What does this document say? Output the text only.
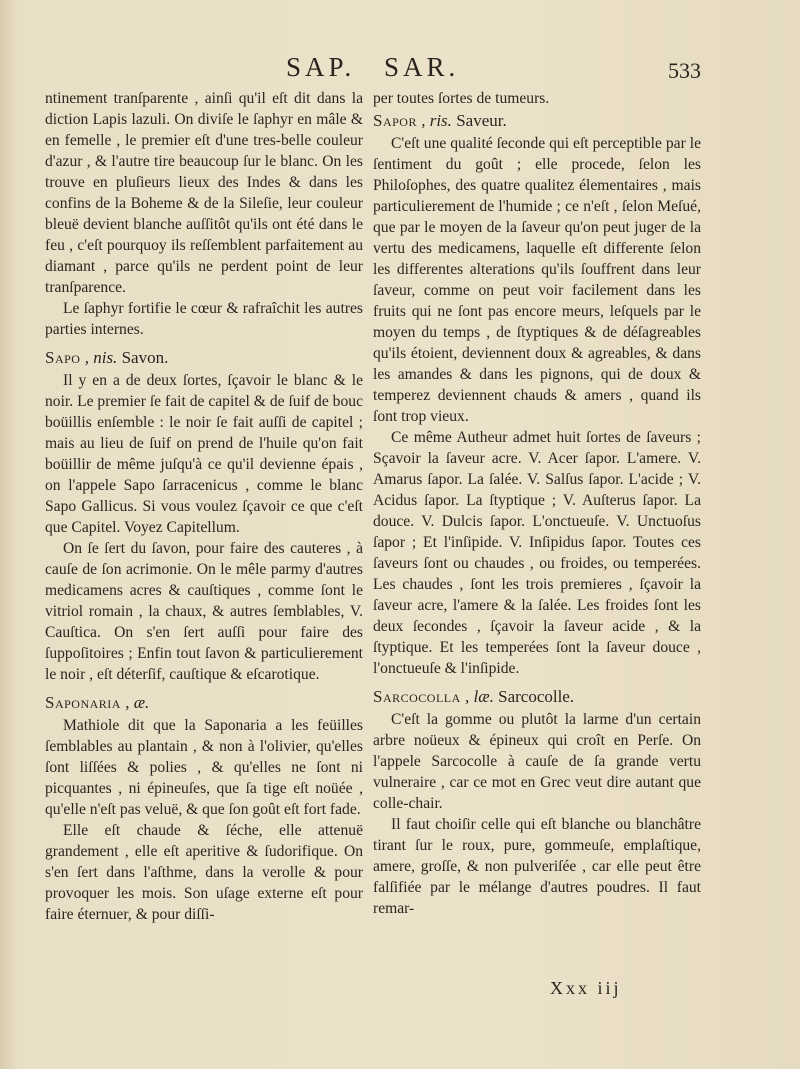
SAP. SAR.	533

ntinement tranſparente , ainſi qu'il eſt dit dans la diction Lapis lazuli. On diviſe le ſaphyr en mâle & en femelle , le premier eſt d'une tres-belle couleur d'azur , & l'autre tire beaucoup ſur le blanc. On les trouve en pluſieurs lieux des Indes & dans les confins de la Boheme & de la Sileſie, leur couleur bleuë devient blanche auſſitôt qu'ils ont été dans le feu , c'eſt pourquoy ils reſſemblent parfaitement au diamant , parce qu'ils ne perdent point de leur tranſparence.

Le ſaphyr fortifie le cœur & rafraîchit les autres parties internes.

Sapo , nis. Savon.

Il y en a de deux ſortes, ſçavoir le blanc & le noir. Le premier ſe fait de capitel & de ſuif de bouc boüillis enſemble : le noir ſe fait auſſi de capitel ; mais au lieu de ſuif on prend de l'huile qu'on fait boüillir de même juſqu'à ce qu'il devienne épais , on l'appele Sapo ſarracenicus , comme le blanc Sapo Gallicus. Si vous voulez ſçavoir ce que c'eſt que Capitel. Voyez Capitellum.

On ſe ſert du ſavon, pour faire des cauteres , à cauſe de ſon acrimonie. On le mêle parmy d'autres medicamens acres & cauſtiques , comme ſont le vitriol romain , la chaux, & autres ſemblables, V. Cauſtica. On s'en ſert auſſi pour faire des ſuppoſitoires ; Enfin tout ſavon & particulierement le noir , eſt déterſif, cauſtique & eſcarotique.

Saponaria , æ.

Mathiole dit que la Saponaria a les feüilles ſemblables au plantain , & non à l'olivier, qu'elles ſont liſſées & polies , & qu'elles ne ſont ni picquantes , ni épineuſes, que ſa tige eſt noüée , qu'elle n'eſt pas veluë, & que ſon goût eſt fort fade.

Elle eſt chaude & ſéche, elle attenuë grandement , elle eſt aperitive & ſudorifique. On s'en ſert dans l'aſthme, dans la verolle & pour provoquer les mois. Son uſage externe eſt pour faire éternuer, & pour diſſi-

per toutes ſortes de tumeurs.

Sapor , ris. Saveur.

C'eſt une qualité ſeconde qui eſt perceptible par le ſentiment du goût ; elle procede, ſelon les Philoſophes, des quatre qualitez élementaires , mais particulierement de l'humide ; ce n'eſt , ſelon Meſué, que par le moyen de la ſaveur qu'on peut juger de la vertu des medicamens, laquelle eſt differente ſelon les differentes alterations qu'ils ſouffrent dans leur ſaveur, comme on peut voir facilement dans les fruits qui ne ſont pas encore meurs, leſquels par le moyen du temps , de ſtyptiques & de déſagreables qu'ils étoient, deviennent doux & agreables, & dans les amandes & dans les pignons, qui de doux & temperez deviennent chauds & amers , quand ils ſont trop vieux.

Ce même Autheur admet huit ſortes de ſaveurs ; Sçavoir la ſaveur acre. V. Acer ſapor. L'amere. V. Amarus ſapor. La ſalée. V. Salſus ſapor. L'acide ; V. Acidus ſapor. La ſtyptique ; V. Auſterus ſapor. La douce. V. Dulcis ſapor. L'onctueuſe. V. Unctuoſus ſapor ; Et l'inſipide. V. Inſipidus ſapor. Toutes ces ſaveurs ſont ou chaudes , ou froides, ou temperées. Les chaudes , ſont les trois premieres , ſçavoir la ſaveur acre, l'amere & la ſalée. Les froides ſont les deux ſecondes , ſçavoir la ſaveur acide , & la ſtyptique. Et les temperées ſont la ſaveur douce , l'onctueuſe & l'inſipide.

Sarcocolla , læ. Sarcocolle.

C'eſt la gomme ou plutôt la larme d'un certain arbre noüeux & épineux qui croît en Perſe. On l'appele Sarcocolle à cauſe de ſa grande vertu vulneraire , car ce mot en Grec veut dire autant que colle-chair.

Il faut choiſir celle qui eſt blanche ou blanchâtre tirant ſur le roux, pure, gommeuſe, emplaſtique, amere, groſſe, & non pulveriſée , car elle peut être falſifiée par le mélange d'autres poudres. Il faut remar-

Xxx iij
